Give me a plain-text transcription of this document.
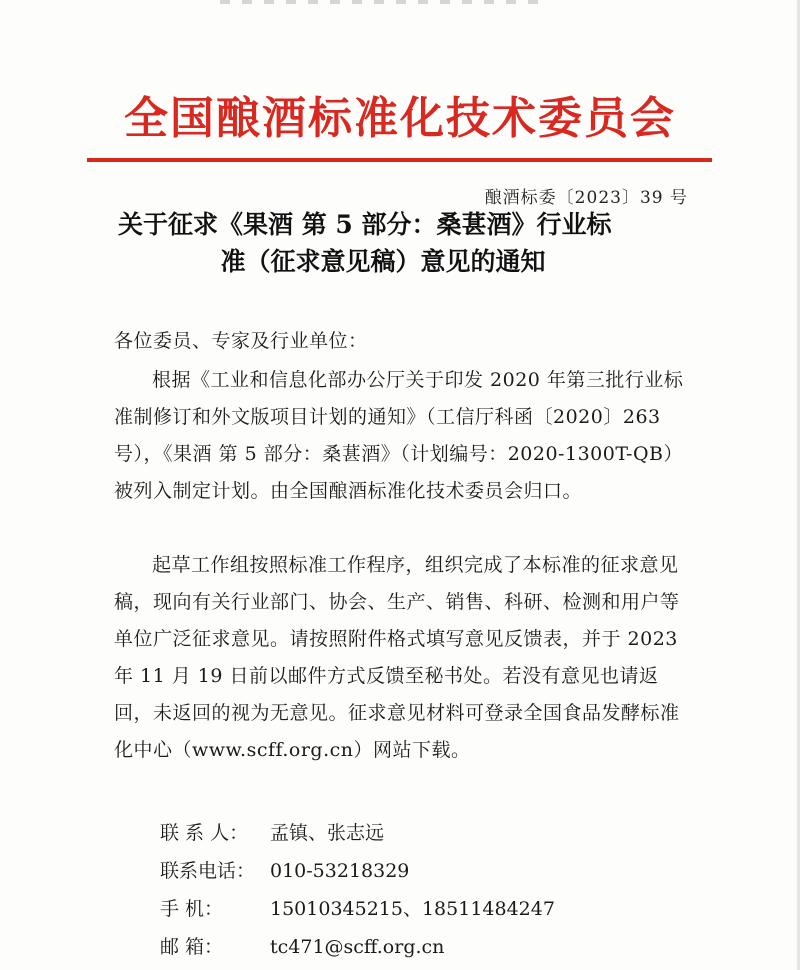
全国酿酒标准化技术委员会
酿酒标委〔2023〕39 号
关于征求《果酒 第 5 部分：桑葚酒》行业标
准（征求意见稿）意见的通知
各位委员、专家及行业单位：
根据《工业和信息化部办公厅关于印发 2020 年第三批行业标准制修订和外文版项目计划的通知》（工信厅科函〔2020〕263 号），《果酒 第 5 部分：桑葚酒》（计划编号：2020-1300T-QB）被列入制定计划。由全国酿酒标准化技术委员会归口。
起草工作组按照标准工作程序，组织完成了本标准的征求意见稿，现向有关行业部门、协会、生产、销售、科研、检测和用户等单位广泛征求意见。请按照附件格式填写意见反馈表，并于 2023 年 11 月 19 日前以邮件方式反馈至秘书处。若没有意见也请返回，未返回的视为无意见。征求意见材料可登录全国食品发酵标准化中心（www.scff.org.cn）网站下载。
联 系 人： 孟镇、张志远
联系电话： 010-53218329
手 机： 15010345215、18511484247
邮 箱： tc471@scff.org.cn
